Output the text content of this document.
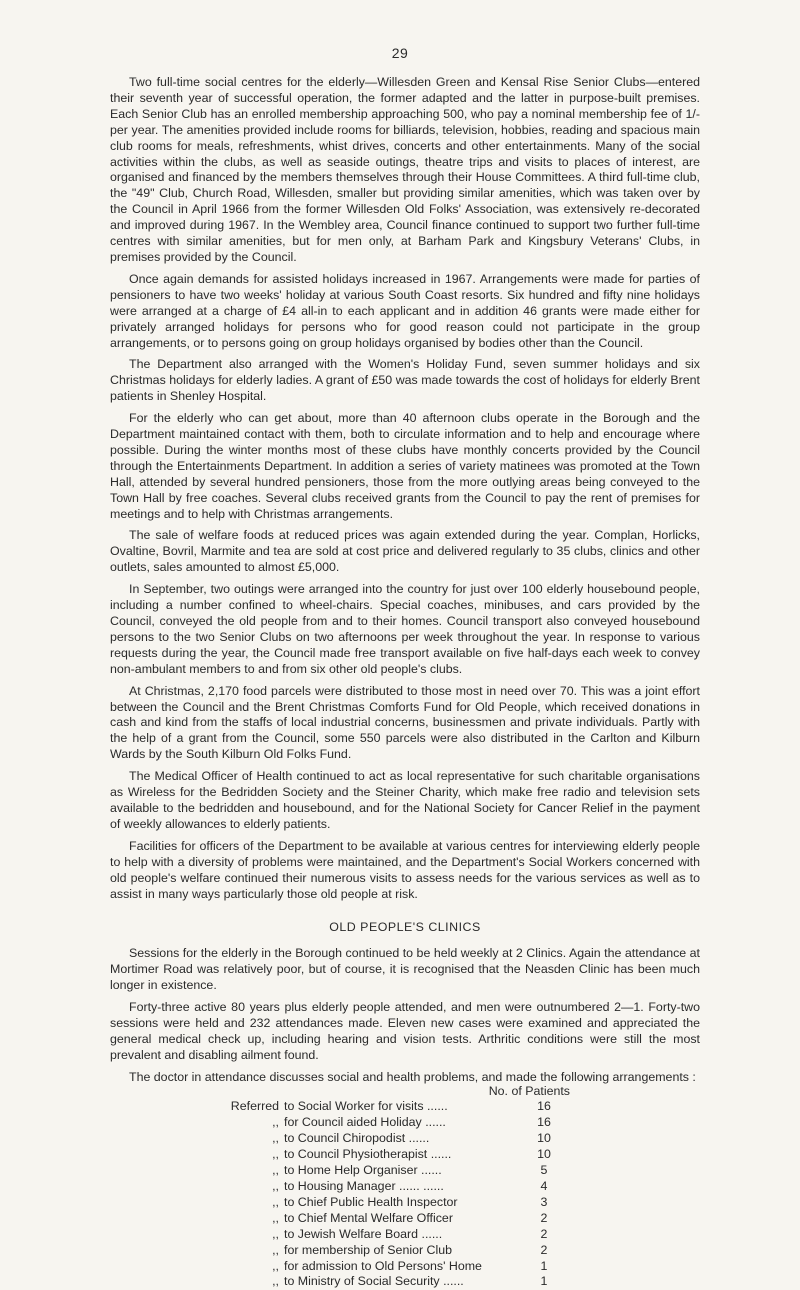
29

Two full-time social centres for the elderly—Willesden Green and Kensal Rise Senior Clubs—entered their seventh year of successful operation, the former adapted and the latter in purpose-built premises. Each Senior Club has an enrolled membership approaching 500, who pay a nominal membership fee of 1/- per year. The amenities provided include rooms for billiards, television, hobbies, reading and spacious main club rooms for meals, refreshments, whist drives, concerts and other entertainments. Many of the social activities within the clubs, as well as seaside outings, theatre trips and visits to places of interest, are organised and financed by the members themselves through their House Committees. A third full-time club, the "49" Club, Church Road, Willesden, smaller but providing similar amenities, which was taken over by the Council in April 1966 from the former Willesden Old Folks' Association, was extensively re-decorated and improved during 1967. In the Wembley area, Council finance continued to support two further full-time centres with similar amenities, but for men only, at Barham Park and Kingsbury Veterans' Clubs, in premises provided by the Council.

Once again demands for assisted holidays increased in 1967. Arrangements were made for parties of pensioners to have two weeks' holiday at various South Coast resorts. Six hundred and fifty nine holidays were arranged at a charge of £4 all-in to each applicant and in addition 46 grants were made either for privately arranged holidays for persons who for good reason could not participate in the group arrangements, or to persons going on group holidays organised by bodies other than the Council.

The Department also arranged with the Women's Holiday Fund, seven summer holidays and six Christmas holidays for elderly ladies. A grant of £50 was made towards the cost of holidays for elderly Brent patients in Shenley Hospital.

For the elderly who can get about, more than 40 afternoon clubs operate in the Borough and the Department maintained contact with them, both to circulate information and to help and encourage where possible. During the winter months most of these clubs have monthly concerts provided by the Council through the Entertainments Department. In addition a series of variety matinees was promoted at the Town Hall, attended by several hundred pensioners, those from the more outlying areas being conveyed to the Town Hall by free coaches. Several clubs received grants from the Council to pay the rent of premises for meetings and to help with Christmas arrangements.

The sale of welfare foods at reduced prices was again extended during the year. Complan, Horlicks, Ovaltine, Bovril, Marmite and tea are sold at cost price and delivered regularly to 35 clubs, clinics and other outlets, sales amounted to almost £5,000.

In September, two outings were arranged into the country for just over 100 elderly housebound people, including a number confined to wheel-chairs. Special coaches, minibuses, and cars provided by the Council, conveyed the old people from and to their homes. Council transport also conveyed housebound persons to the two Senior Clubs on two afternoons per week throughout the year. In response to various requests during the year, the Council made free transport available on five half-days each week to convey non-ambulant members to and from six other old people's clubs.

At Christmas, 2,170 food parcels were distributed to those most in need over 70. This was a joint effort between the Council and the Brent Christmas Comforts Fund for Old People, which received donations in cash and kind from the staffs of local industrial concerns, businessmen and private individuals. Partly with the help of a grant from the Council, some 550 parcels were also distributed in the Carlton and Kilburn Wards by the South Kilburn Old Folks Fund.

The Medical Officer of Health continued to act as local representative for such charitable organisations as Wireless for the Bedridden Society and the Steiner Charity, which make free radio and television sets available to the bedridden and housebound, and for the National Society for Cancer Relief in the payment of weekly allowances to elderly patients.

Facilities for officers of the Department to be available at various centres for interviewing elderly people to help with a diversity of problems were maintained, and the Department's Social Workers concerned with old people's welfare continued their numerous visits to assess needs for the various services as well as to assist in many ways particularly those old people at risk.

OLD PEOPLE'S CLINICS

Sessions for the elderly in the Borough continued to be held weekly at 2 Clinics. Again the attendance at Mortimer Road was relatively poor, but of course, it is recognised that the Neasden Clinic has been much longer in existence.

Forty-three active 80 years plus elderly people attended, and men were outnumbered 2—1. Forty-two sessions were held and 232 attendances made. Eleven new cases were examined and appreciated the general medical check up, including hearing and vision tests. Arthritic conditions were still the most prevalent and disabling ailment found.

The doctor in attendance discusses social and health problems, and made the following arrangements :

No. of Patients
Referred to Social Worker for visits ......	16
,, for Council aided Holiday ......	16
,, to Council Chiropodist ......	10
,, to Council Physiotherapist ......	10
,, to Home Help Organiser ......	5
,, to Housing Manager ...... ......	4
,, to Chief Public Health Inspector	3
,, to Chief Mental Welfare Officer	2
,, to Jewish Welfare Board ......	2
,, for membership of Senior Club	2
,, for admission to Old Persons' Home	1
,, to Ministry of Social Security ......	1
